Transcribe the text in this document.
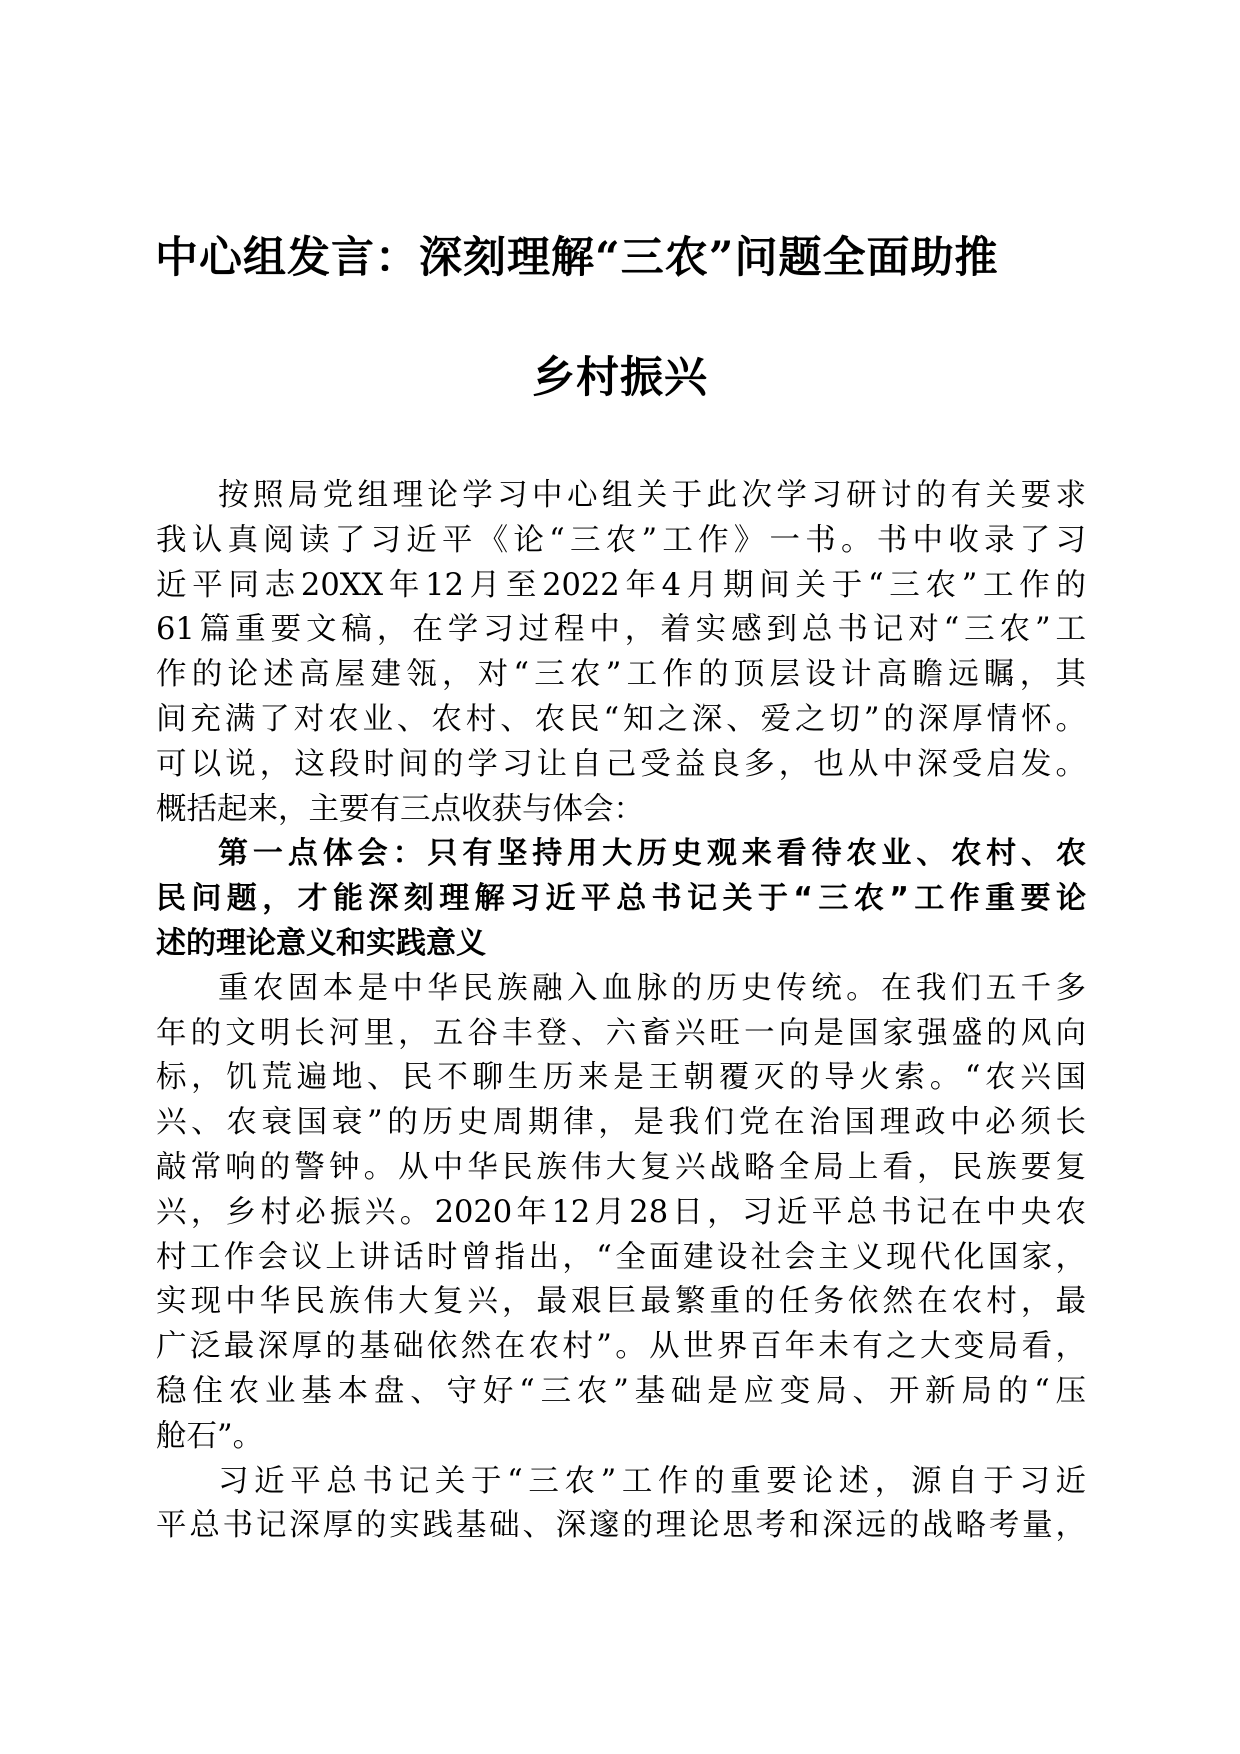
中心组发言：深刻理解“三农”问题全面助推
乡村振兴
按照局党组理论学习中心组关于此次学习研讨的有关要求
我认真阅读了习近平《论“三农”工作》一书。书中收录了习
近平同志20XX年12月至2022年4月期间关于“三农”工作的
61篇重要文稿，在学习过程中，着实感到总书记对“三农”工
作的论述高屋建瓴，对“三农”工作的顶层设计高瞻远瞩，其
间充满了对农业、农村、农民“知之深、爱之切”的深厚情怀。
可以说，这段时间的学习让自己受益良多，也从中深受启发。
概括起来，主要有三点收获与体会：
第一点体会：只有坚持用大历史观来看待农业、农村、农
民问题，才能深刻理解习近平总书记关于“三农”工作重要论
述的理论意义和实践意义
重农固本是中华民族融入血脉的历史传统。在我们五千多
年的文明长河里，五谷丰登、六畜兴旺一向是国家强盛的风向
标，饥荒遍地、民不聊生历来是王朝覆灭的导火索。“农兴国
兴、农衰国衰”的历史周期律，是我们党在治国理政中必须长
敲常响的警钟。从中华民族伟大复兴战略全局上看，民族要复
兴，乡村必振兴。2020年12月28日，习近平总书记在中央农
村工作会议上讲话时曾指出，“全面建设社会主义现代化国家，
实现中华民族伟大复兴，最艰巨最繁重的任务依然在农村，最
广泛最深厚的基础依然在农村”。从世界百年未有之大变局看，
稳住农业基本盘、守好“三农”基础是应变局、开新局的“压
舱石”。
习近平总书记关于“三农”工作的重要论述，源自于习近
平总书记深厚的实践基础、深邃的理论思考和深远的战略考量，
